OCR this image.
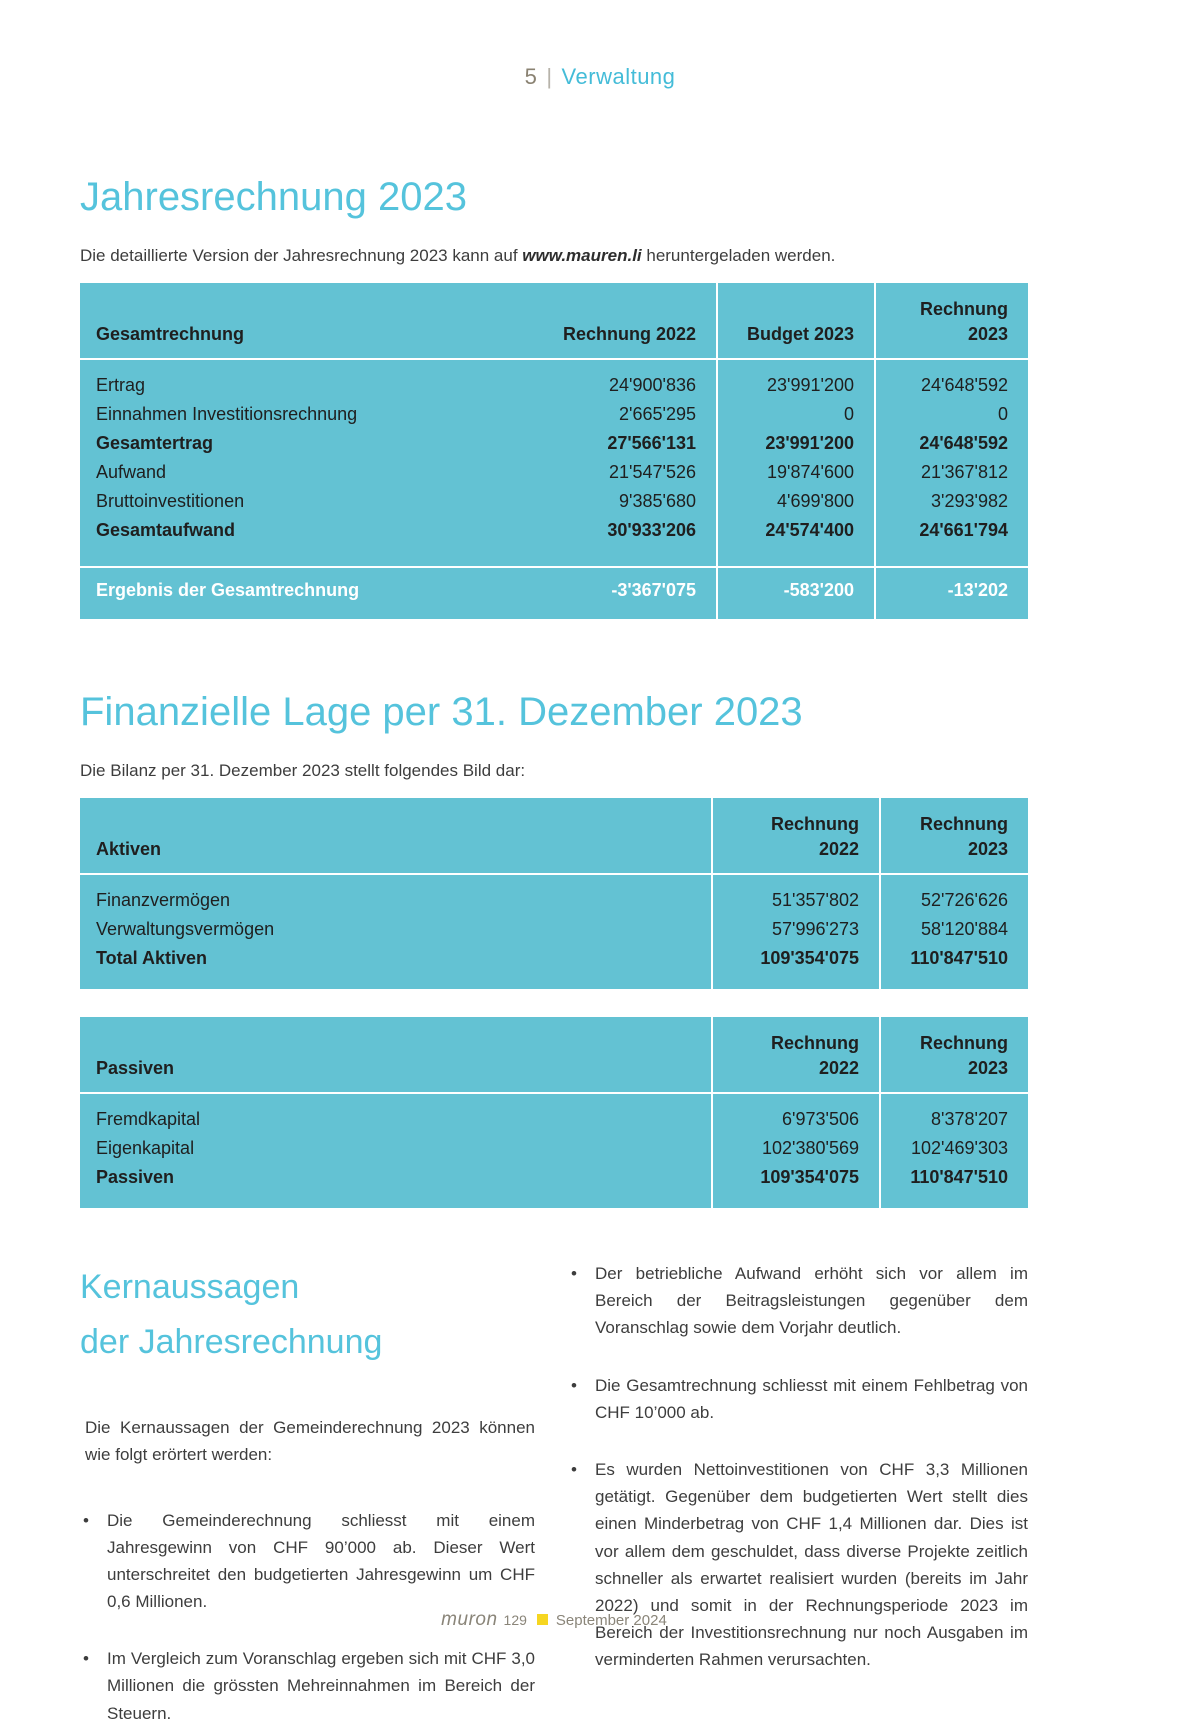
5 | Verwaltung
Jahresrechnung 2023

Die detaillierte Version der Jahresrechnung 2023 kann auf www.mauren.li heruntergeladen werden.

Gesamtrechnung	Rechnung 2022	Budget 2023	Rechnung 2023

Ertrag	24'900'836	23'991'200	24'648'592
Einnahmen Investitionsrechnung	2'665'295	0	0
Gesamtertrag	27'566'131	23'991'200	24'648'592
Aufwand	21'547'526	19'874'600	21'367'812
Bruttoinvestitionen	9'385'680	4'699'800	3'293'982
Gesamtaufwand	30'933'206	24'574'400	24'661'794

Ergebnis der Gesamtrechnung	-3'367'075	-583'200	-13'202
Finanzielle Lage per 31. Dezember 2023

Die Bilanz per 31. Dezember 2023 stellt folgendes Bild dar:

Aktiven	Rechnung 2022	Rechnung 2023

Finanzvermögen	51'357'802	52'726'626
Verwaltungsvermögen	57'996'273	58'120'884
Total Aktiven	109'354'075	110'847'510

Passiven	Rechnung 2022	Rechnung 2023

Fremdkapital	6'973'506	8'378'207
Eigenkapital	102'380'569	102'469'303
Passiven	109'354'075	110'847'510

Kernaussagen
der Jahresrechnung

Die Kernaussagen der Gemeinderechnung 2023 können wie folgt erörtert werden:

• Die Gemeinderechnung schliesst mit einem Jahresgewinn von CHF 90’000 ab. Dieser Wert unterschreitet den budgetierten Jahresgewinn um CHF 0,6 Millionen.
• Im Vergleich zum Voranschlag ergeben sich mit CHF 3,0 Millionen die grössten Mehreinnahmen im Bereich der Steuern.
• Der betriebliche Aufwand erhöht sich vor allem im Bereich der Beitragsleistungen gegenüber dem Voranschlag sowie dem Vorjahr deutlich.
• Die Gesamtrechnung schliesst mit einem Fehlbetrag von CHF 10’000 ab.
• Es wurden Nettoinvestitionen von CHF 3,3 Millionen getätigt. Gegenüber dem budgetierten Wert stellt dies einen Minderbetrag von CHF 1,4 Millionen dar. Dies ist vor allem dem geschuldet, dass diverse Projekte zeitlich schneller als erwartet realisiert wurden (bereits im Jahr 2022) und somit in der Rechnungsperiode 2023 im Bereich der Investitionsrechnung nur noch Ausgaben im verminderten Rahmen verursachten.
muron 129 September 2024
